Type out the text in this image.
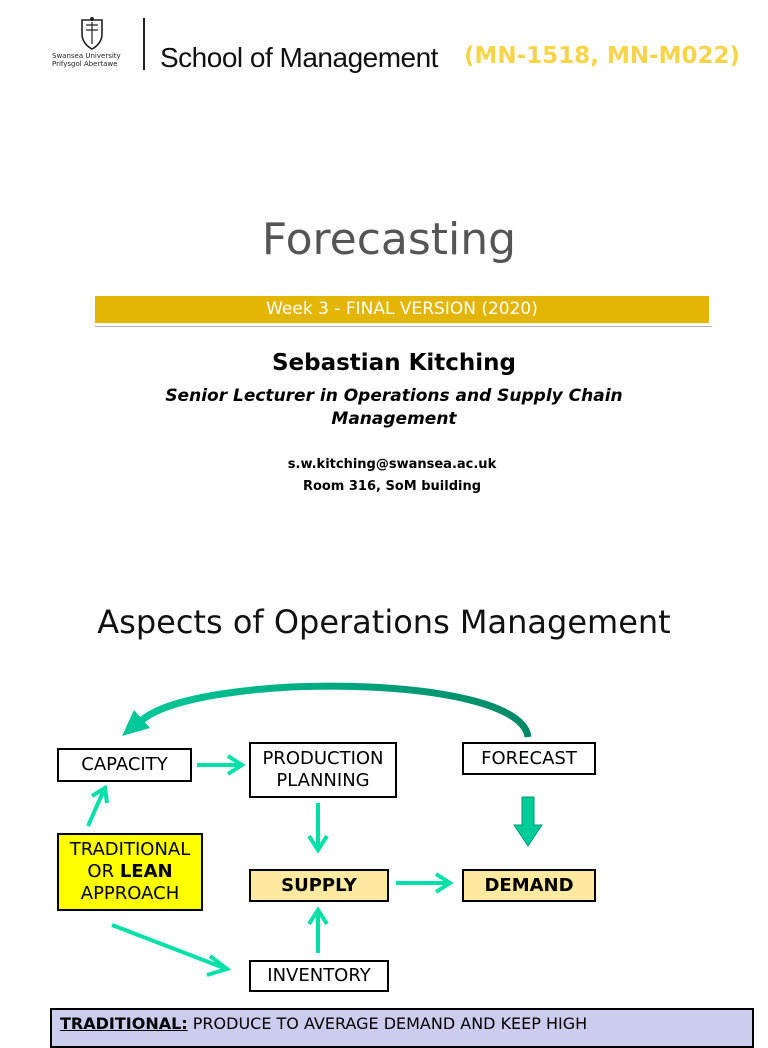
Swansea University
Prifysgol Abertawe School of Management (MN-1518, MN-M022)
Forecasting
Week 3 - FINAL VERSION (2020)
Sebastian Kitching
Senior Lecturer in Operations and Supply Chain Management
s.w.kitching@swansea.ac.uk
Room 316, SoM building
Aspects of Operations Management
CAPACITY	PRODUCTION
PLANNING
FORECAST
TRADITIONAL
OR LEAN
APPROACH	SUPPLY	DEMAND
INVENTORY
TRADITIONAL: PRODUCE TO AVERAGE DEMAND AND KEEP HIGH
